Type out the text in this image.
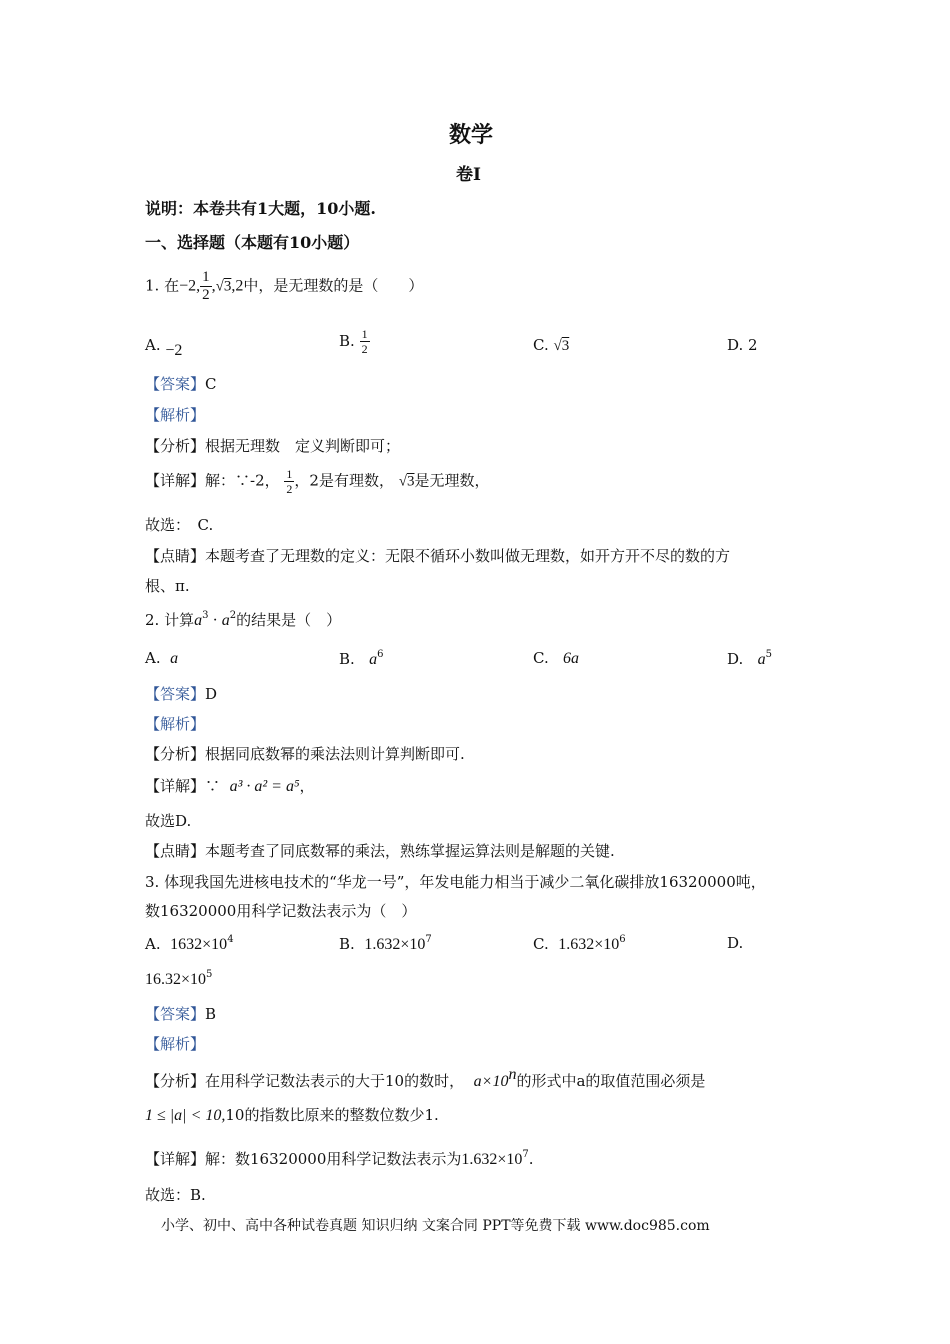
数学
卷Ⅰ
说明：本卷共有1大题，10小题.
一、选择题（本题有10小题）
1. 在−2, $\frac{1}{2} ,√3,2$中，是无理数的是（　　）
A. −2
B. $\frac{1}{2}$	C. √3	D. 2
【答案】C
【解析】
【分析】根据无理数　定义判断即可；
【详解】解：∵-2， $\frac{1}{2}$ ，2是有理数， √3是无理数，
故选：　C.
【点睛】本题考查了无理数的定义：无限不循环小数叫做无理数，如开方开不尽的数的方
根、π.
2. 计算$a^3 \cdot a^2$的结果是（　）
A. a	B. $a^6$	C. 6a	D. $a^5$
【答案】D
【解析】
【分析】根据同底数幂的乘法法则计算判断即可.
【详解】∵ a³ · a² = a⁵，
故选D.
【点睛】本题考查了同底数幂的乘法，熟练掌握运算法则是解题的关键.
3. 体现我国先进核电技术的“华龙一号”，年发电能力相当于减少二氧化碳排放16320000吨，
数16320000用科学记数法表示为（　）
A. $1632\times 10^4$	B. $1.632\times 10^7$	C. $1.632\times 10^6$	D.
$16.32\times 10^5$
【答案】B
【解析】
【分析】在用科学记数法表示的大于10的数时， $a\times 10^n$的形式中a的取值范围必须是
1 ≤ |a| < 10,10的指数比原来的整数位数少1.
【详解】解：数16320000用科学记数法表示为$1.632\times 10^7$.
故选：B.
小学、初中、高中各种试卷真题 知识归纳 文案合同 PPT等免费下载 www.doc985.com
